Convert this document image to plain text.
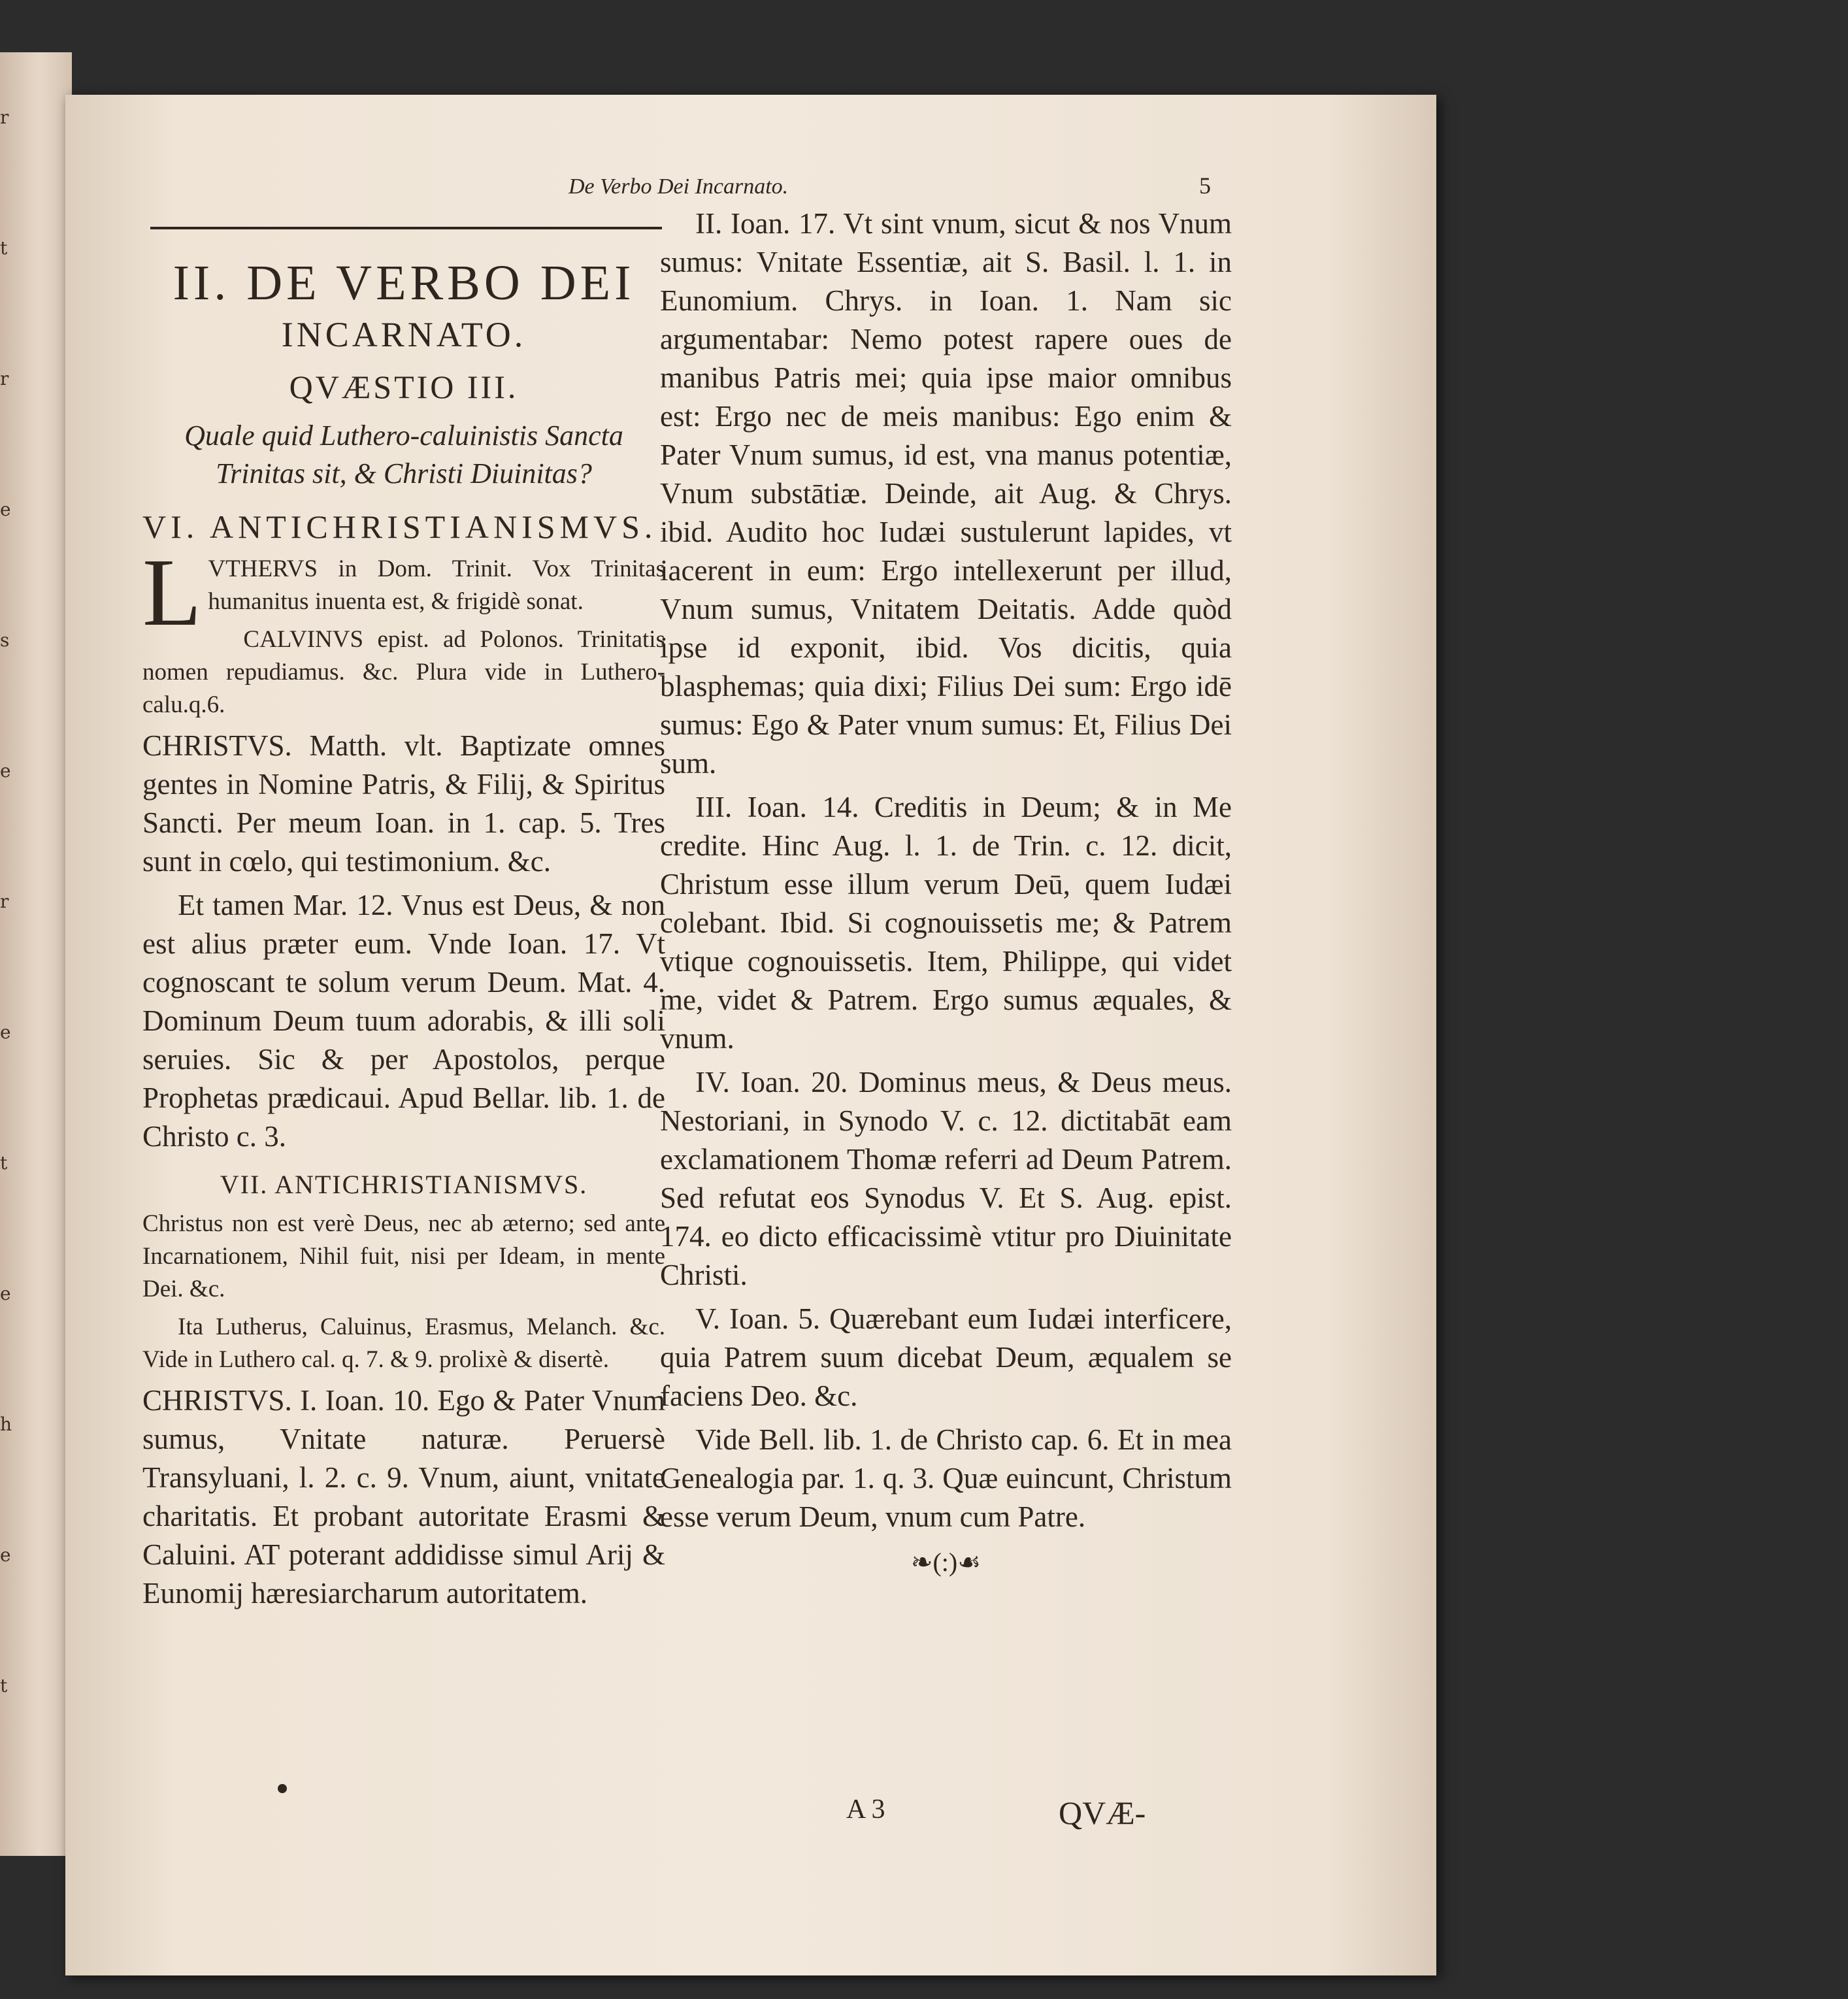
r
t
r
e
s
e
r
e
t
e
h
e
t
De Verbo Dei Incarnato.	5
II. DE VERBO DEI
INCARNATO.
QVÆSTIO III.
Quale quid Luthero-caluinistis Sancta Trinitas sit, & Christi Diuinitas?
VI. ANTICHRISTIANISMVS.

LVTHERVS in Dom. Trinit. Vox Trinitas humanitus inuenta est, & frigidè sonat.

CALVINVS epist. ad Polonos. Trinitatis nomen repudiamus. &c. Plura vide in Luthero-calu.q.6.

CHRISTVS. Matth. vlt. Baptizate omnes gentes in Nomine Patris, & Filij, & Spiritus Sancti. Per meum Ioan. in 1. cap. 5. Tres sunt in cœlo, qui testimonium. &c.

Et tamen Mar. 12. Vnus est Deus, & non est alius præter eum. Vnde Ioan. 17. Vt cognoscant te solum verum Deum. Mat. 4. Dominum Deum tuum adorabis, & illi soli seruies. Sic & per Apostolos, perque Prophetas prædicaui. Apud Bellar. lib. 1. de Christo c. 3.

VII. ANTICHRISTIANISMVS.

Christus non est verè Deus, nec ab æterno; sed ante Incarnationem, Nihil fuit, nisi per Ideam, in mente Dei. &c.

Ita Lutherus, Caluinus, Erasmus, Melanch. &c. Vide in Luthero cal. q. 7. & 9. prolixè & disertè.

CHRISTVS. I. Ioan. 10. Ego & Pater Vnum sumus, Vnitate naturæ. Peruersè Transyluani, l. 2. c. 9. Vnum, aiunt, vnitate charitatis. Et probant autoritate Erasmi & Caluini. AT poterant addidisse simul Arij & Eunomij hæresiarcharum autoritatem.

II. Ioan. 17. Vt sint vnum, sicut & nos Vnum sumus: Vnitate Essentiæ, ait S. Basil. l. 1. in Eunomium. Chrys. in Ioan. 1. Nam sic argumentabar: Nemo potest rapere oues de manibus Patris mei; quia ipse maior omnibus est: Ergo nec de meis manibus: Ego enim & Pater Vnum sumus, id est, vna manus potentiæ, Vnum substātiæ. Deinde, ait Aug. & Chrys. ibid. Audito hoc Iudæi sustulerunt lapides, vt iacerent in eum: Ergo intellexerunt per illud, Vnum sumus, Vnitatem Deitatis. Adde quòd ipse id exponit, ibid. Vos dicitis, quia blasphemas; quia dixi; Filius Dei sum: Ergo idē sumus: Ego & Pater vnum sumus: Et, Filius Dei sum.

III. Ioan. 14. Creditis in Deum; & in Me credite. Hinc Aug. l. 1. de Trin. c. 12. dicit, Christum esse illum verum Deū, quem Iudæi colebant. Ibid. Si cognouissetis me; & Patrem vtique cognouissetis. Item, Philippe, qui videt me, videt & Patrem. Ergo sumus æquales, & vnum.

IV. Ioan. 20. Dominus meus, & Deus meus. Nestoriani, in Synodo V. c. 12. dictitabāt eam exclamationem Thomæ referri ad Deum Patrem. Sed refutat eos Synodus V. Et S. Aug. epist. 174. eo dicto efficacissimè vtitur pro Diuinitate Christi.

V. Ioan. 5. Quærebant eum Iudæi interficere, quia Patrem suum dicebat Deum, æqualem se faciens Deo. &c.

Vide Bell. lib. 1. de Christo cap. 6. Et in mea Genealogia par. 1. q. 3. Quæ euincunt, Christum esse verum Deum, vnum cum Patre.

❧(:)☙
A 3	QVÆ-
